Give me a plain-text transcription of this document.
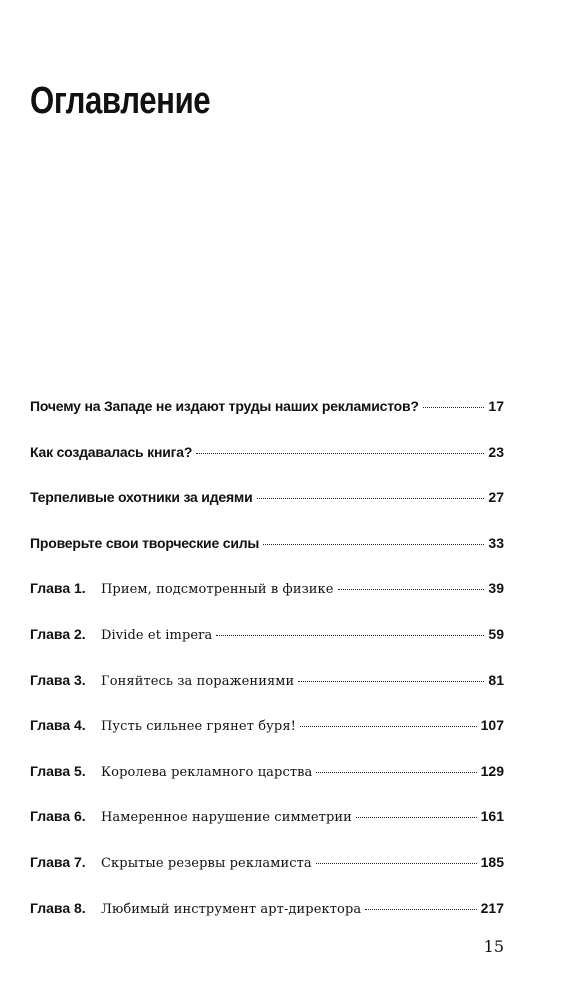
Оглавление
Почему на Западе не издают труды наших рекламистов?	17
Как создавалась книга?	23
Терпеливые охотники за идеями	27
Проверьте свои творческие силы	33
Глава 1.	Прием, подсмотренный в физике	39
Глава 2.	Divide et impera	59
Глава 3.	Гоняйтесь за поражениями	81
Глава 4.	Пусть сильнее грянет буря!	107
Глава 5.	Королева рекламного царства	129
Глава 6.	Намеренное нарушение симметрии	161
Глава 7.	Скрытые резервы рекламиста	185
Глава 8.	Любимый инструмент арт-директора	217
15
